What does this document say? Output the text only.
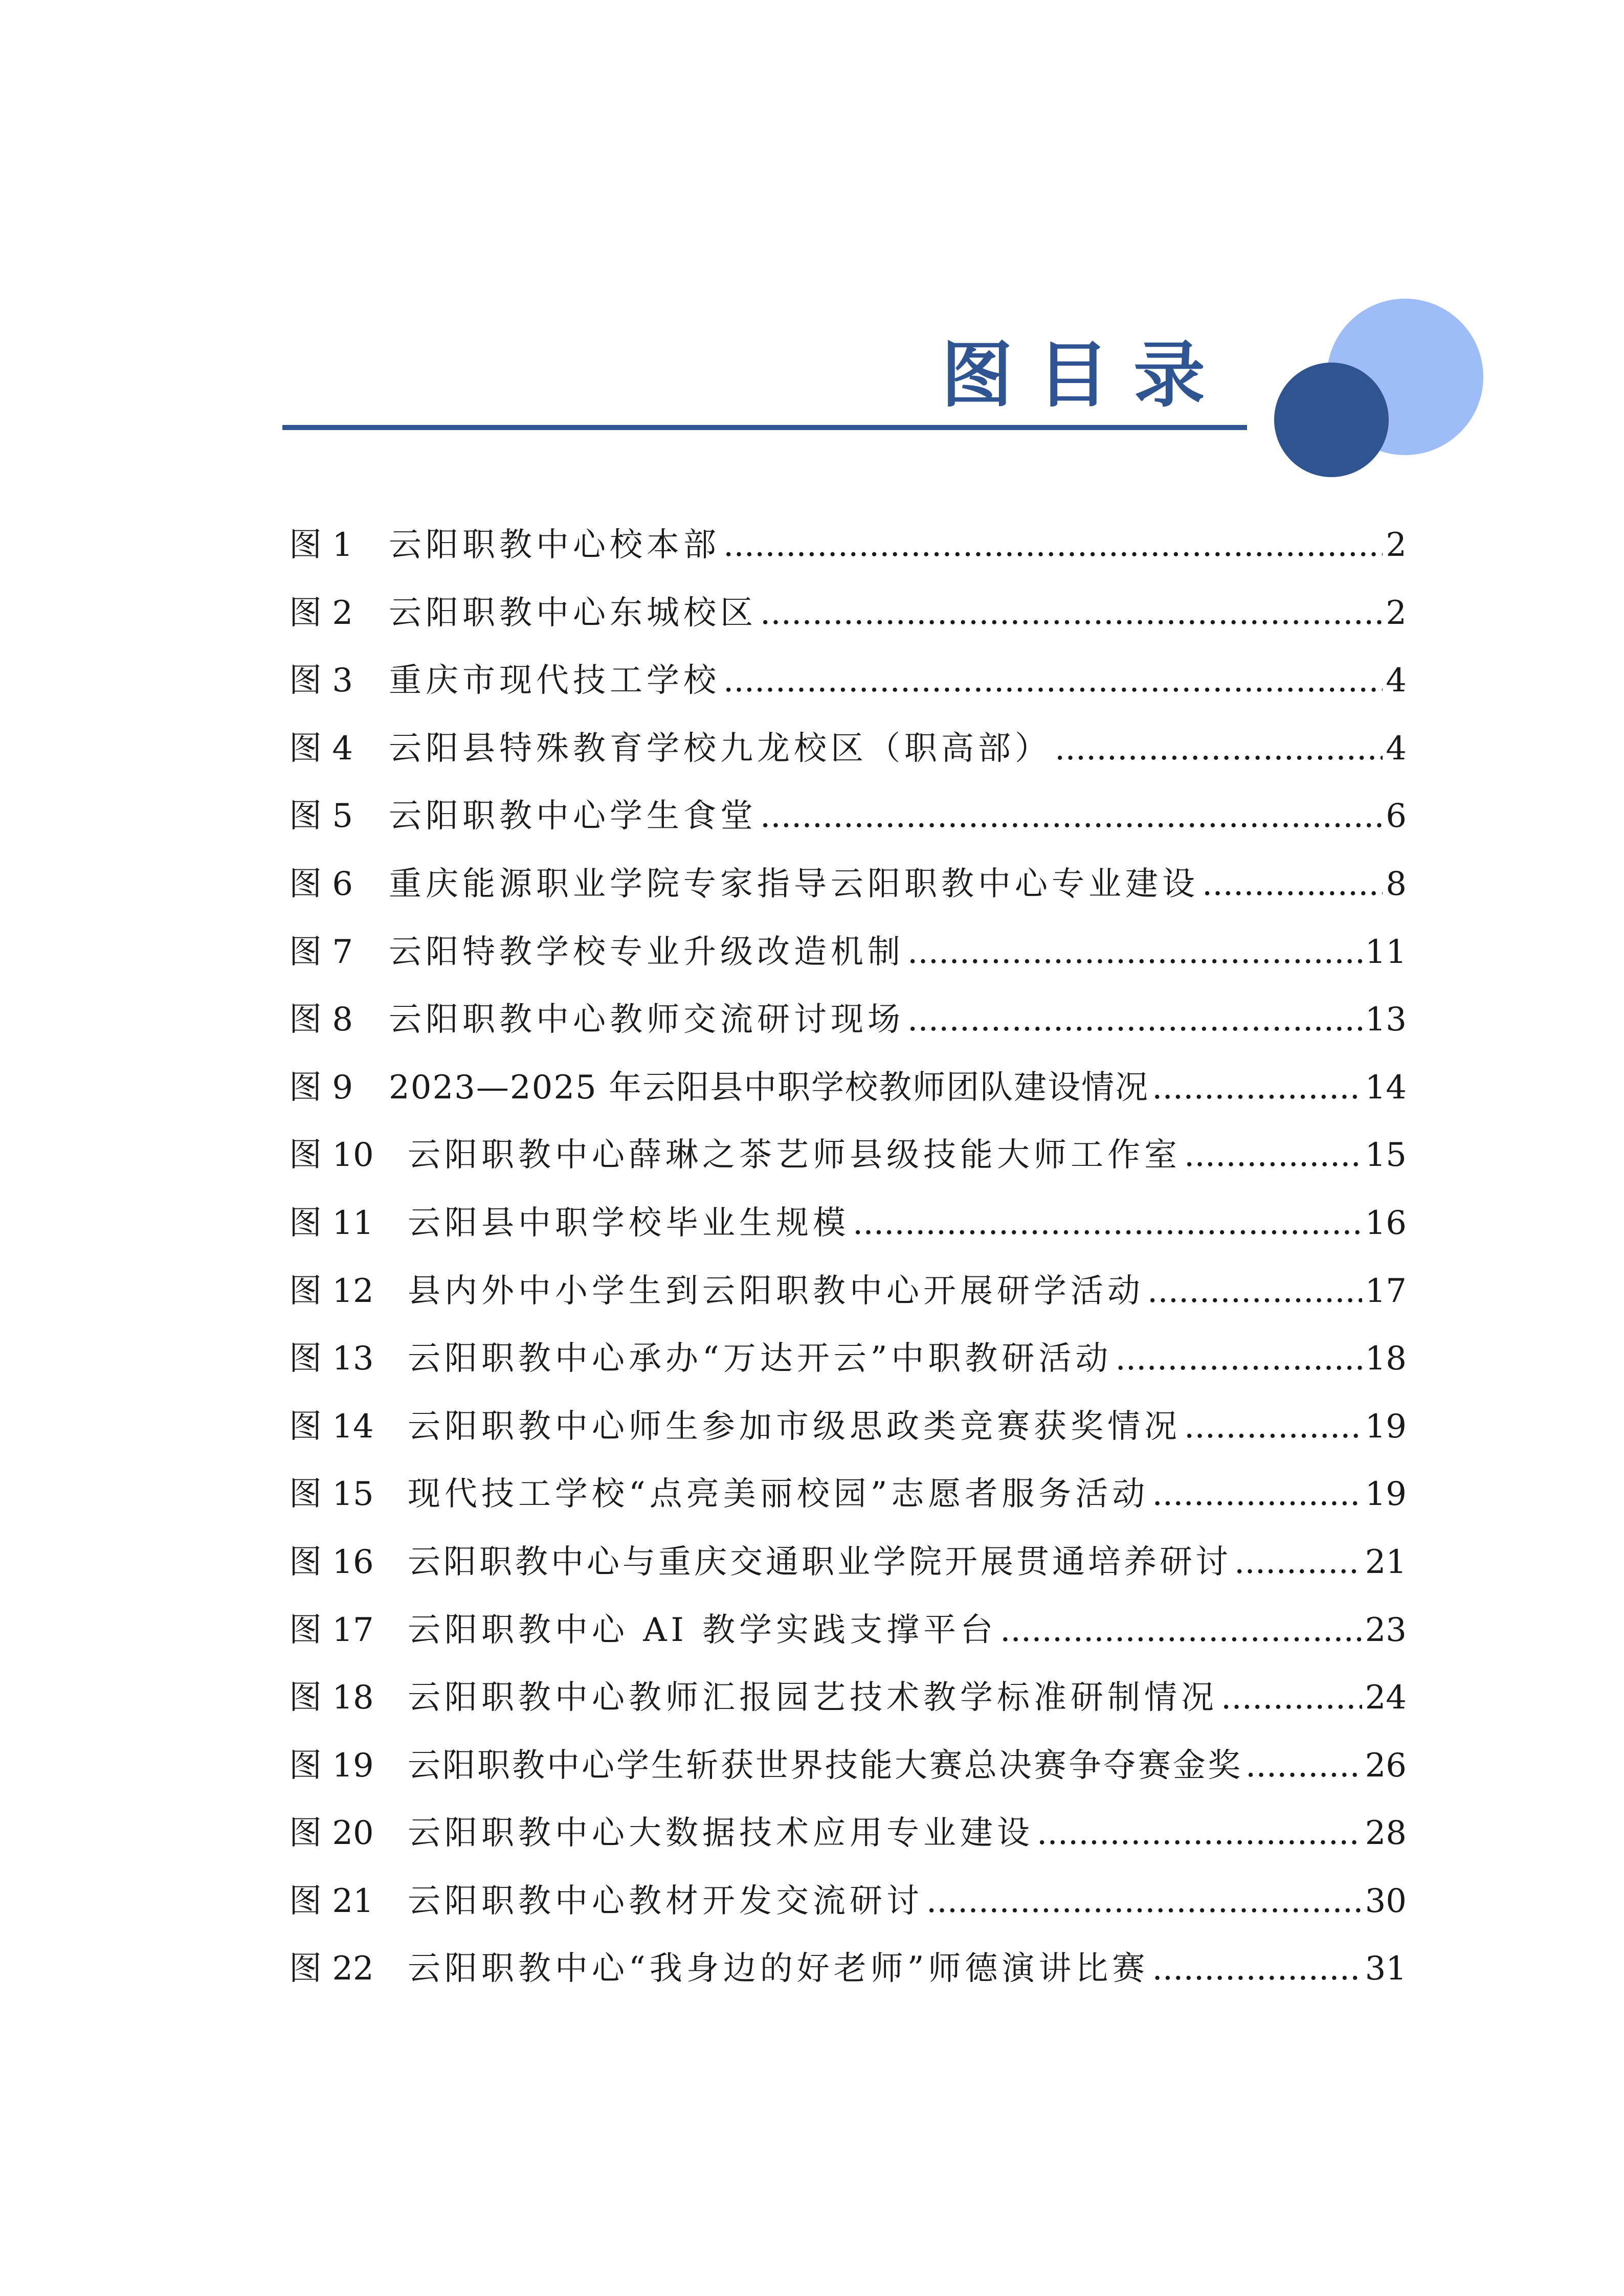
图目录
图 1	云阳职教中心校本部 .....	2
图 2	云阳职教中心东城校区 .....	2
图 3	重庆市现代技工学校 .....	4
图 4	云阳县特殊教育学校九龙校区（职高部） .....	4
图 5	云阳职教中心学生食堂 .....	6
图 6	重庆能源职业学院专家指导云阳职教中心专业建设 .....	8
图 7	云阳特教学校专业升级改造机制 .....	11
图 8	云阳职教中心教师交流研讨现场 .....	13
图 9	2023—2025 年云阳县中职学校教师团队建设情况 .....	14
图 10	云阳职教中心薛琳之茶艺师县级技能大师工作室 .....	15
图 11	云阳县中职学校毕业生规模 .....	16
图 12	县内外中小学生到云阳职教中心开展研学活动 .....	17
图 13	云阳职教中心承办“万达开云”中职教研活动 .....	18
图 14	云阳职教中心师生参加市级思政类竞赛获奖情况 .....	19
图 15	现代技工学校“点亮美丽校园”志愿者服务活动 .....	19
图 16	云阳职教中心与重庆交通职业学院开展贯通培养研讨 .....	21
图 17	云阳职教中心 AI 教学实践支撑平台 .....	23
图 18	云阳职教中心教师汇报园艺技术教学标准研制情况 .....	24
图 19	云阳职教中心学生斩获世界技能大赛总决赛争夺赛金奖 .....	26
图 20	云阳职教中心大数据技术应用专业建设 .....	28
图 21	云阳职教中心教材开发交流研讨 .....	30
图 22	云阳职教中心“我身边的好老师”师德演讲比赛 .....	31
